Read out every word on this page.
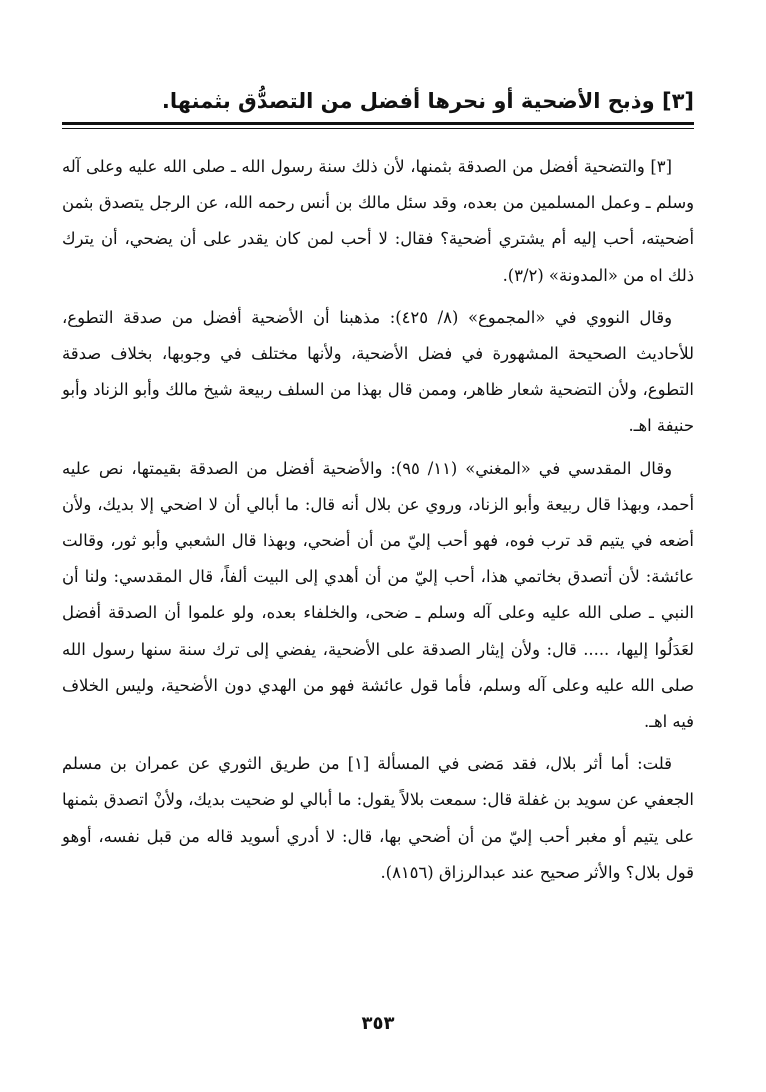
[٣] وذبح الأضحية أو نحرها أفضل من التصدُّق بثمنها.

[٣] والتضحية أفضل من الصدقة بثمنها، لأن ذلك سنة رسول الله ـ صلى الله عليه وعلى آله وسلم ـ وعمل المسلمين من بعده، وقد سئل مالك بن أنس رحمه الله، عن الرجل يتصدق بثمن أضحيته، أحب إليه أم يشتري أضحية؟ فقال: لا أحب لمن كان يقدر على أن يضحي، أن يترك ذلك اه من «المدونة» (٣/٢).

وقال النووي في «المجموع» (٨/ ٤٢٥): مذهبنا أن الأضحية أفضل من صدقة التطوع، للأحاديث الصحيحة المشهورة في فضل الأضحية، ولأنها مختلف في وجوبها، بخلاف صدقة التطوع، ولأن التضحية شعار ظاهر، وممن قال بهذا من السلف ربيعة شيخ مالك وأبو الزناد وأبو حنيفة اهـ.

وقال المقدسي في «المغني» (١١/ ٩٥): والأضحية أفضل من الصدقة بقيمتها، نص عليه أحمد، وبهذا قال ربيعة وأبو الزناد، وروي عن بلال أنه قال: ما أبالي أن لا اضحي إلا بديك، ولأن أضعه في يتيم قد ترب فوه، فهو أحب إليّ من أن أضحي، وبهذا قال الشعبي وأبو ثور، وقالت عائشة: لأن أتصدق بخاتمي هذا، أحب إليّ من أن أهدي إلى البيت ألفاً، قال المقدسي: ولنا أن النبي ـ صلى الله عليه وعلى آله وسلم ـ ضحى، والخلفاء بعده، ولو علموا أن الصدقة أفضل لعَدَلُوا إليها، ..... قال: ولأن إيثار الصدقة على الأضحية، يفضي إلى ترك سنة سنها رسول الله صلى الله عليه وعلى آله وسلم، فأما قول عائشة فهو من الهدي دون الأضحية، وليس الخلاف فيه اهـ.

قلت: أما أثر بلال، فقد مَضى في المسألة [١] من طريق الثوري عن عمران بن مسلم الجعفي عن سويد بن غفلة قال: سمعت بلالاً يقول: ما أبالي لو ضحيت بديك، ولأنْ اتصدق بثمنها على يتيم أو مغبر أحب إليّ من أن أضحي بها، قال: لا أدري أسويد قاله من قبل نفسه، أوهو قول بلال؟ والأثر صحيح عند عبدالرزاق (٨١٥٦).

٣٥٣
